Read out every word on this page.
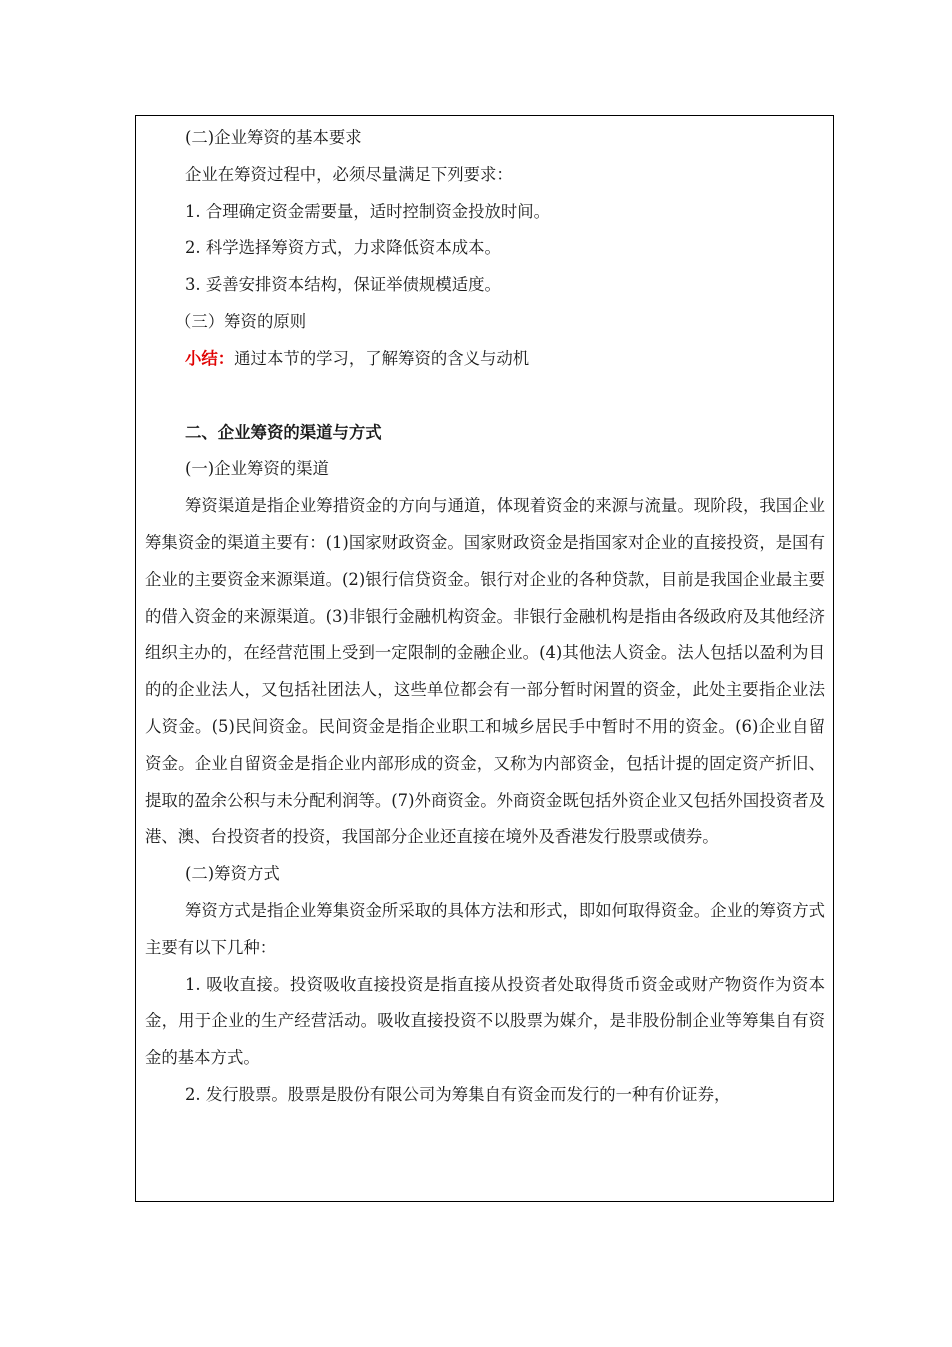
(二)企业筹资的基本要求

企业在筹资过程中，必须尽量满足下列要求：

1. 合理确定资金需要量，适时控制资金投放时间。

2. 科学选择筹资方式，力求降低资本成本。

3. 妥善安排资本结构，保证举债规模适度。

（三）筹资的原则

小结：通过本节的学习，了解筹资的含义与动机

二、企业筹资的渠道与方式

(一)企业筹资的渠道

筹资渠道是指企业筹措资金的方向与通道，体现着资金的来源与流量。现阶段，我国企业筹集资金的渠道主要有：(1)国家财政资金。国家财政资金是指国家对企业的直接投资，是国有企业的主要资金来源渠道。(2)银行信贷资金。银行对企业的各种贷款，目前是我国企业最主要的借入资金的来源渠道。(3)非银行金融机构资金。非银行金融机构是指由各级政府及其他经济组织主办的，在经营范围上受到一定限制的金融企业。(4)其他法人资金。法人包括以盈利为目的的企业法人，又包括社团法人，这些单位都会有一部分暂时闲置的资金，此处主要指企业法人资金。(5)民间资金。民间资金是指企业职工和城乡居民手中暂时不用的资金。(6)企业自留资金。企业自留资金是指企业内部形成的资金，又称为内部资金，包括计提的固定资产折旧、提取的盈余公积与未分配利润等。(7)外商资金。外商资金既包括外资企业又包括外国投资者及港、澳、台投资者的投资，我国部分企业还直接在境外及香港发行股票或债券。

(二)筹资方式

筹资方式是指企业筹集资金所采取的具体方法和形式，即如何取得资金。企业的筹资方式主要有以下几种：

1. 吸收直接。投资吸收直接投资是指直接从投资者处取得货币资金或财产物资作为资本金，用于企业的生产经营活动。吸收直接投资不以股票为媒介，是非股份制企业等筹集自有资金的基本方式。

2. 发行股票。股票是股份有限公司为筹集自有资金而发行的一种有价证券，
